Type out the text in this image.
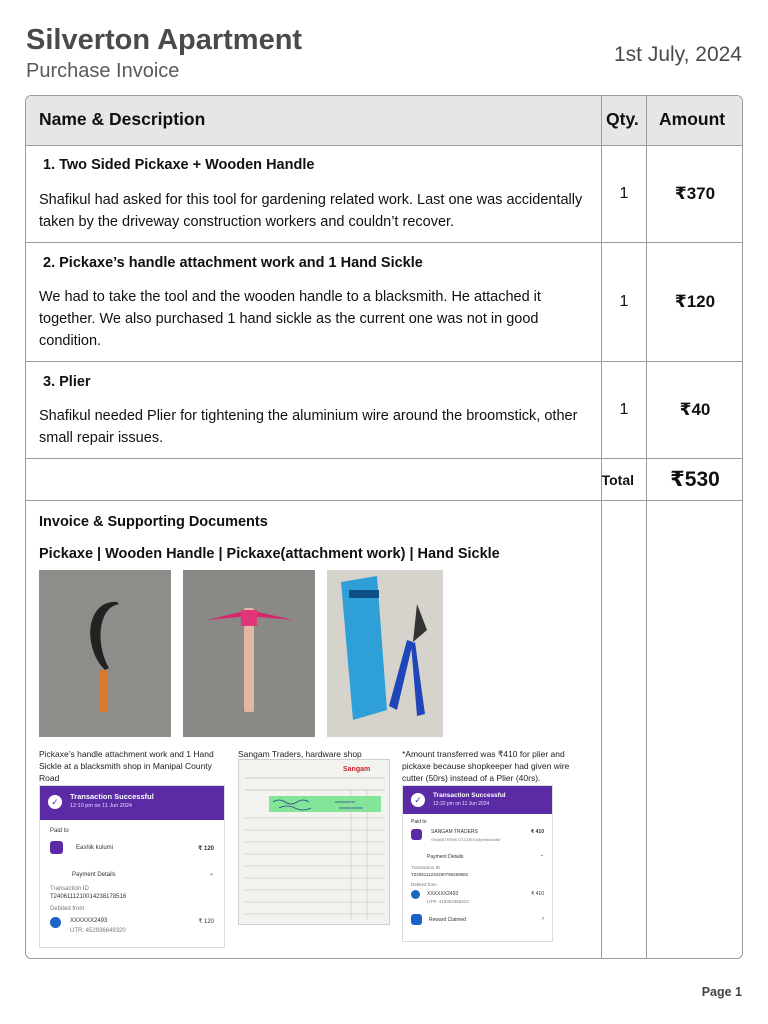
Silverton Apartment
Purchase Invoice
1st July, 2024
Name & Description	Qty. Amount
1. Two Sided Pickaxe + Wooden Handle
Shafikul had asked for this tool for gardening related work. Last one was accidentally taken by the driveway construction workers and couldn’t recover.
1	₹370
2. Pickaxe’s handle attachment work and 1 Hand Sickle
We had to take the tool and the wooden handle to a blacksmith. He attached it together. We also purchased 1 hand sickle as the current one was not in good condition.
1	₹120
3. Plier
Shafikul needed Plier for tightening the aluminium wire around the broomstick, other small repair issues.
1	₹40
Total	₹530
Invoice & Supporting Documents
Pickaxe | Wooden Handle | Pickaxe(attachment work) | Hand Sickle
Pickaxe’s handle attachment work and 1 Hand Sickle at a blacksmith shop in Manipal County Road
Sangam Traders, hardware shop	*Amount transferred was ₹410 for plier and pickaxe because shopkeeper had given wire cutter (50rs) instead of a Plier (40rs).
✓
Transaction Successful
12:10 pm on 11 Jun 2024
Paid to
Eashik kulumi	₹ 120
Payment Details	⌄
Transaction ID
T2406111210014238178516
Debited from
XXXXXX2493	₹ 120
UTR: 452936649320
Sangam
✓	Transaction Successful
12:32 pm on 11 Jun 2024
Paid to
SANGAM TRADERS
SHABATRS96727223010@yesbankltd
₹ 410
Payment Details	⌄
Transaction ID
T2406111232280786269682
Debited from
XXXXXX2493	₹ 410
UTR: 416304465412
Reward Claimed	›
Page 1
